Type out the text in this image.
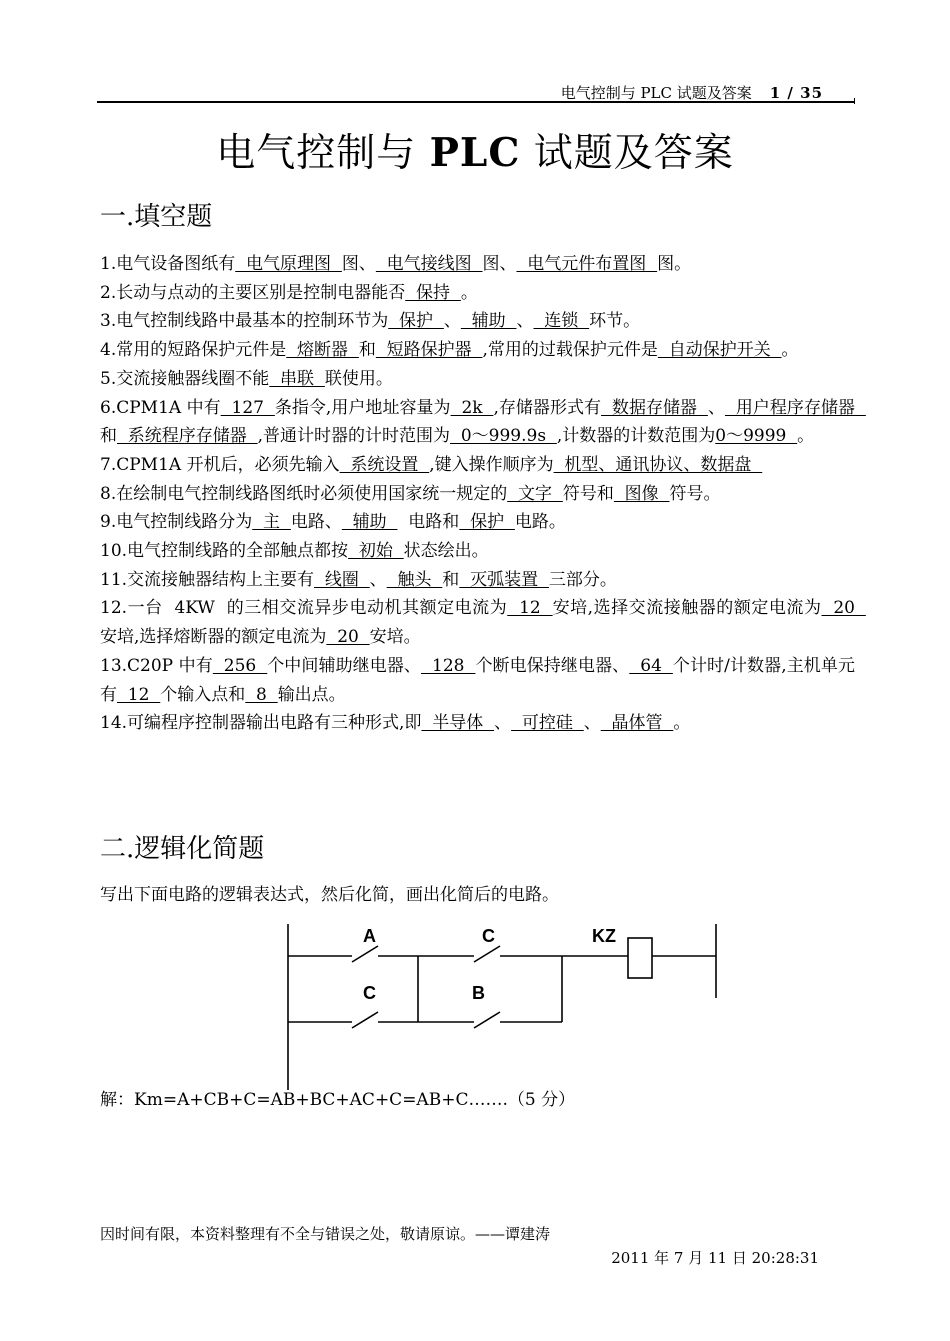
电气控制与 PLC 试题及答案 1 / 35
电气控制与 PLC 试题及答案
一.填空题

1.电气设备图纸有  电气原理图  图、  电气接线图  图、  电气元件布置图  图。

2.长动与点动的主要区别是控制电器能否  保持  。

3.电气控制线路中最基本的控制环节为  保护  、  辅助  、  连锁  环节。

4.常用的短路保护元件是  熔断器  和  短路保护器  ,常用的过载保护元件是  自动保护开关  。

5.交流接触器线圈不能  串联  联使用。

6.CPM1A 中有  127  条指令,用户地址容量为  2k  ,存储器形式有  数据存储器  、  用户程序存储器  和  系统程序存储器  ,普通计时器的计时范围为  0～999.9s  ,计数器的计数范围为0～9999  。

7.CPM1A 开机后，必须先输入  系统设置  ,键入操作顺序为  机型、通讯协议、数据盘

8.在绘制电气控制线路图纸时必须使用国家统一规定的  文字  符号和  图像  符号。

9.电气控制线路分为  主  电路、  辅助    电路和  保护  电路。

10.电气控制线路的全部触点都按  初始  状态绘出。

11.交流接触器结构上主要有  线圈  、  触头  和  灭弧装置  三部分。

12.一台  4KW  的三相交流异步电动机其额定电流为  12  安培,选择交流接触器的额定电流为  20  安培,选择熔断器的额定电流为  20  安培。

13.C20P 中有  256  个中间辅助继电器、  128  个断电保持继电器、  64  个计时/计数器,主机单元有  12  个输入点和  8  输出点。

14.可编程序控制器输出电路有三种形式,即  半导体  、  可控硅  、  晶体管  。

二.逻辑化简题
写出下面电路的逻辑表达式，然后化简，画出化简后的电路。
A	C	KZ
C	B
解：Km=A+CB+C=AB+BC+AC+C=AB+C…….（5 分）
因时间有限，本资料整理有不全与错误之处，敬请原谅。——谭建涛
2011 年 7 月 11 日 20:28:31
